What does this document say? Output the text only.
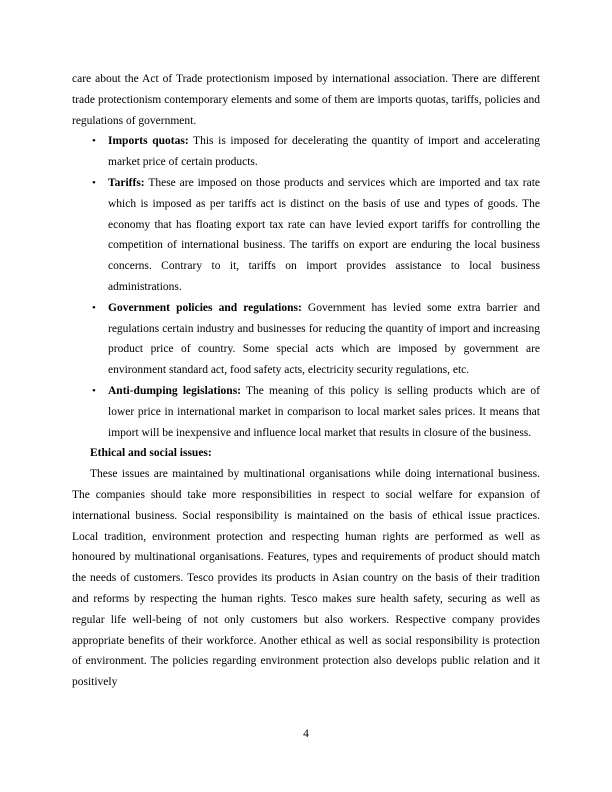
care about the Act of Trade protectionism imposed by international association. There are different trade protectionism contemporary elements and some of them are imports quotas, tariffs, policies and regulations of government.

• Imports quotas: This is imposed for decelerating the quantity of import and accelerating market price of certain products.
• Tariffs: These are imposed on those products and services which are imported and tax rate which is imposed as per tariffs act is distinct on the basis of use and types of goods. The economy that has floating export tax rate can have levied export tariffs for controlling the competition of international business. The tariffs on export are enduring the local business concerns. Contrary to it, tariffs on import provides assistance to local business administrations.
• Government policies and regulations: Government has levied some extra barrier and regulations certain industry and businesses for reducing the quantity of import and increasing product price of country. Some special acts which are imposed by government are environment standard act, food safety acts, electricity security regulations, etc.
• Anti-dumping legislations: The meaning of this policy is selling products which are of lower price in international market in comparison to local market sales prices. It means that import will be inexpensive and influence local market that results in closure of the business.

Ethical and social issues:

These issues are maintained by multinational organisations while doing international business. The companies should take more responsibilities in respect to social welfare for expansion of international business. Social responsibility is maintained on the basis of ethical issue practices. Local tradition, environment protection and respecting human rights are performed as well as honoured by multinational organisations. Features, types and requirements of product should match the needs of customers. Tesco provides its products in Asian country on the basis of their tradition and reforms by respecting the human rights. Tesco makes sure health safety, securing as well as regular life well-being of not only customers but also workers. Respective company provides appropriate benefits of their workforce. Another ethical as well as social responsibility is protection of environment. The policies regarding environment protection also develops public relation and it positively

4
